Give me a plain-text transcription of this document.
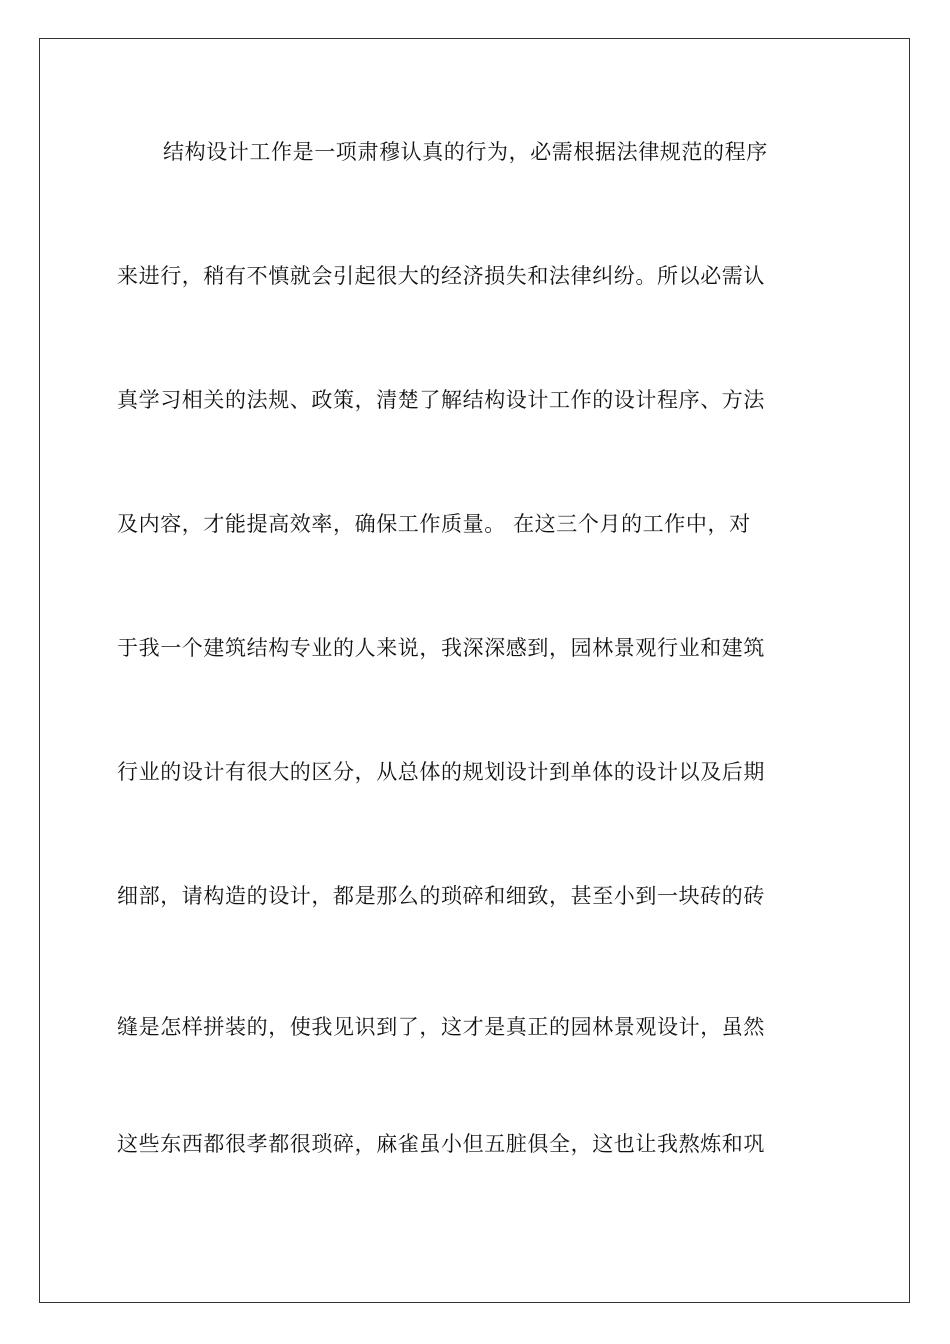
结构设计工作是一项肃穆认真的行为，必需根据法律规范的程序
来进行，稍有不慎就会引起很大的经济损失和法律纠纷。所以必需认
真学习相关的法规、政策，清楚了解结构设计工作的设计程序、方法
及内容，才能提高效率，确保工作质量。 在这三个月的工作中，对
于我一个建筑结构专业的人来说，我深深感到，园林景观行业和建筑
行业的设计有很大的区分，从总体的规划设计到单体的设计以及后期
细部，请构造的设计，都是那么的琐碎和细致，甚至小到一块砖的砖
缝是怎样拼装的，使我见识到了，这才是真正的园林景观设计，虽然
这些东西都很孝都很琐碎，麻雀虽小但五脏俱全，这也让我熬炼和巩
